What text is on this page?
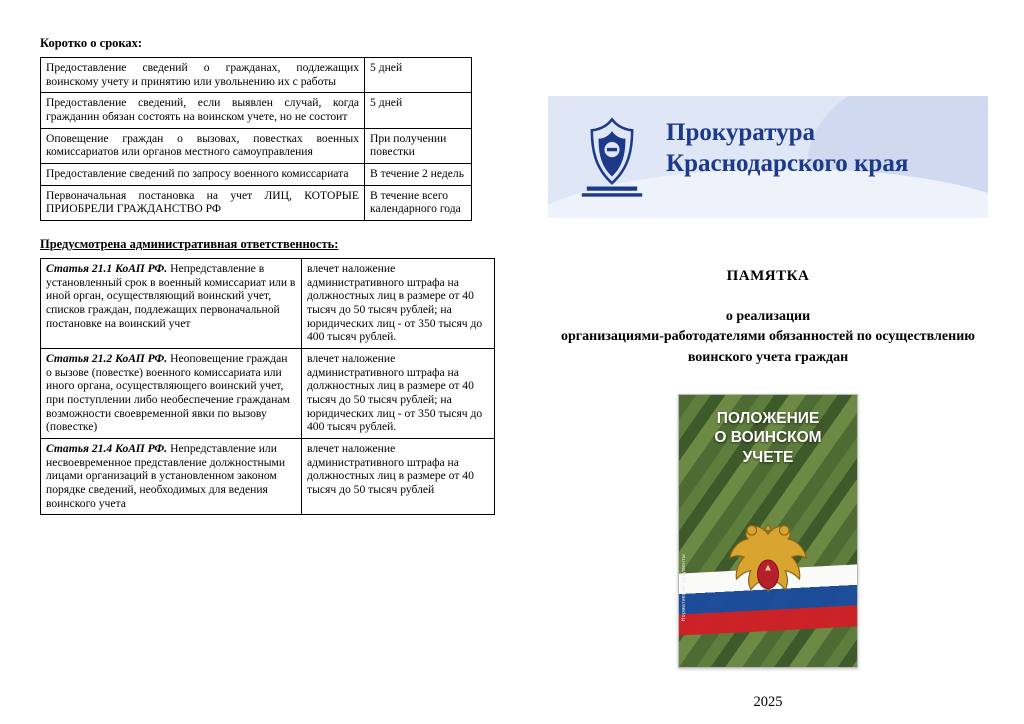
Коротко о сроках:
Предоставление сведений о гражданах, подлежащих воинскому учету и принятию или увольнению их с работы	5 дней
Предоставление сведений, если выявлен случай, когда гражданин обязан состоять на воинском учете, но не состоит	5 дней
Оповещение граждан о вызовах, повестках военных комиссариатов или органов местного самоуправления	При получении повестки
Предоставление сведений по запросу военного комиссариата	В течение 2 недель
Первоначальная постановка на учет ЛИЦ, КОТОРЫЕ ПРИОБРЕЛИ ГРАЖДАНСТВО РФ	В течение всего календарного года
Предусмотрена административная ответственность:
Статья 21.1 КоАП РФ. Непредставление в установленный срок в военный комиссариат или в иной орган, осуществляющий воинский учет, списков граждан, подлежащих первоначальной постановке на воинский учет	влечет наложение административного штрафа на должностных лиц в размере от 40 тысяч до 50 тысяч рублей; на юридических лиц - от 350 тысяч до 400 тысяч рублей.
Статья 21.2 КоАП РФ. Неоповещение граждан о вызове (повестке) военного комиссариата или иного органа, осуществляющего воинский учет, при поступлении либо необеспечение гражданам возможности своевременной явки по вызову (повестке)	влечет наложение административного штрафа на должностных лиц в размере от 40 тысяч до 50 тысяч рублей; на юридических лиц - от 350 тысяч до 400 тысяч рублей.
Статья 21.4 КоАП РФ. Непредставление или несвоевременное представление должностными лицами организаций в установленном законом порядке сведений, необходимых для ведения воинского учета	влечет наложение административного штрафа на должностных лиц в размере от 40 тысяч до 50 тысяч рублей
Прокуратура
Краснодарского края
ПАМЯТКА
о реализации
организациями-работодателями обязанностей по осуществлению воинского учета граждан
ПОЛОЖЕНИЕ
О ВОИНСКОМ
УЧЕТЕ
Нормативные документы
2025
